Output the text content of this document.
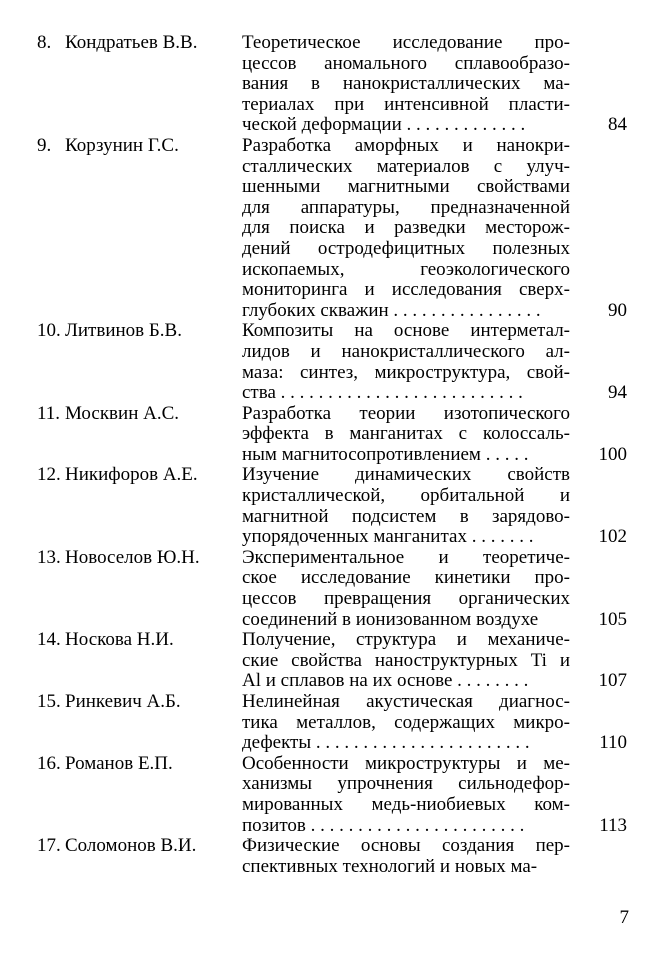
8. Кондратьев В.В. Теоретическое исследование про-
цессов аномального сплавообразо-
вания в нанокристаллических ма-
териалах при интенсивной пласти-
ческой деформации . . . . . . . . . . . . .	84
9. Корзунин Г.С.	Разработка аморфных и нанокри-
сталлических материалов с улуч-
шенными магнитными свойствами
для аппаратуры, предназначенной
для поиска и разведки месторож-
дений остродефицитных полезных
ископаемых, геоэкологического
мониторинга и исследования сверх-
глубоких скважин . . . . . . . . . . . . . . . .	90
10. Литвинов Б.В.	Композиты на основе интерметал-
лидов и нанокристаллического ал-
маза: синтез, микроструктура, свой-
ства . . . . . . . . . . . . . . . . . . . . . . . . . .	94
11. Москвин А.С.	Разработка теории изотопического
эффекта в манганитах с колоссаль-
ным магнитосопротивлением . . . . .	100
12. Никифоров А.Е. Изучение динамических свойств
кристаллической, орбитальной и
магнитной подсистем в зарядово-
упорядоченных манганитах . . . . . . .	102
13. Новоселов Ю.Н. Экспериментальное и теоретиче-
ское исследование кинетики про-
цессов превращения органических
соединений в ионизованном воздухе	105
14. Носкова Н.И.	Получение, структура и механиче-
ские свойства наноструктурных Ti и
Al и сплавов на их основе . . . . . . . .	107
15. Ринкевич А.Б.	Нелинейная акустическая диагнос-
тика металлов, содержащих микро-
дефекты . . . . . . . . . . . . . . . . . . . . . . .	110
16. Романов Е.П.	Особенности микроструктуры и ме-
ханизмы упрочнения сильнодефор-
мированных медь-ниобиевых ком-
позитов . . . . . . . . . . . . . . . . . . . . . . .	113
17. Соломонов В.И. Физические основы создания пер-
спективных технологий и новых ма-
7
